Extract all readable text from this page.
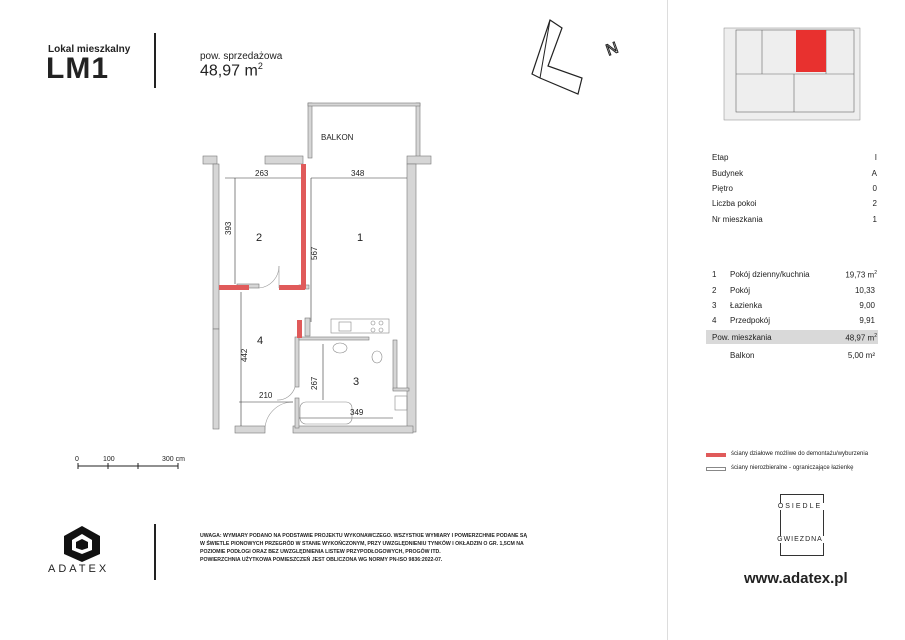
Lokal mieszkalny
LM1	pow. sprzedażowa
48,97 $m^2$
N
BALKON
263	348
393
567
442
210
267
349
1
2
3
4
0	100	300 cm
Etap	I
Budynek	A
Piętro	0
Liczba pokoi	2
Nr mieszkania	1
1 Pokój dzienny/kuchnia	19,73 $m^2$
2 Pokój	10,33
3 Łazienka	9,00
4 Przedpokój	9,91
Pow. mieszkania	48,97 $m^2$
Balkon	5,00 m²
ściany działowe możliwe do demontażu/wyburzenia
ściany nierozbieralne - ograniczające łazienkę
OSIEDLE
GWIEZDNA
www.adatex.pl
ADATEX
UWAGA: WYMIARY PODANO NA PODSTAWIE PROJEKTU WYKONAWCZEGO. WSZYSTKIE WYMIARY I POWIERZCHNIE PODANE SĄ
W ŚWIETLE PIONOWYCH PRZEGRÓD W STANIE WYKOŃCZONYM, PRZY UWZGLĘDNIENIU TYNKÓW I OKŁADZIN O GR. 1,5CM NA
POZIOMIE PODŁOGI ORAZ BEZ UWZGLĘDNIENIA LISTEW PRZYPODŁOGOWYCH, PROGÓW ITD.
POWIERZCHNIA UŻYTKOWA POMIESZCZEŃ JEST OBLICZONA WG NORMY PN-ISO 9836:2022-07.
